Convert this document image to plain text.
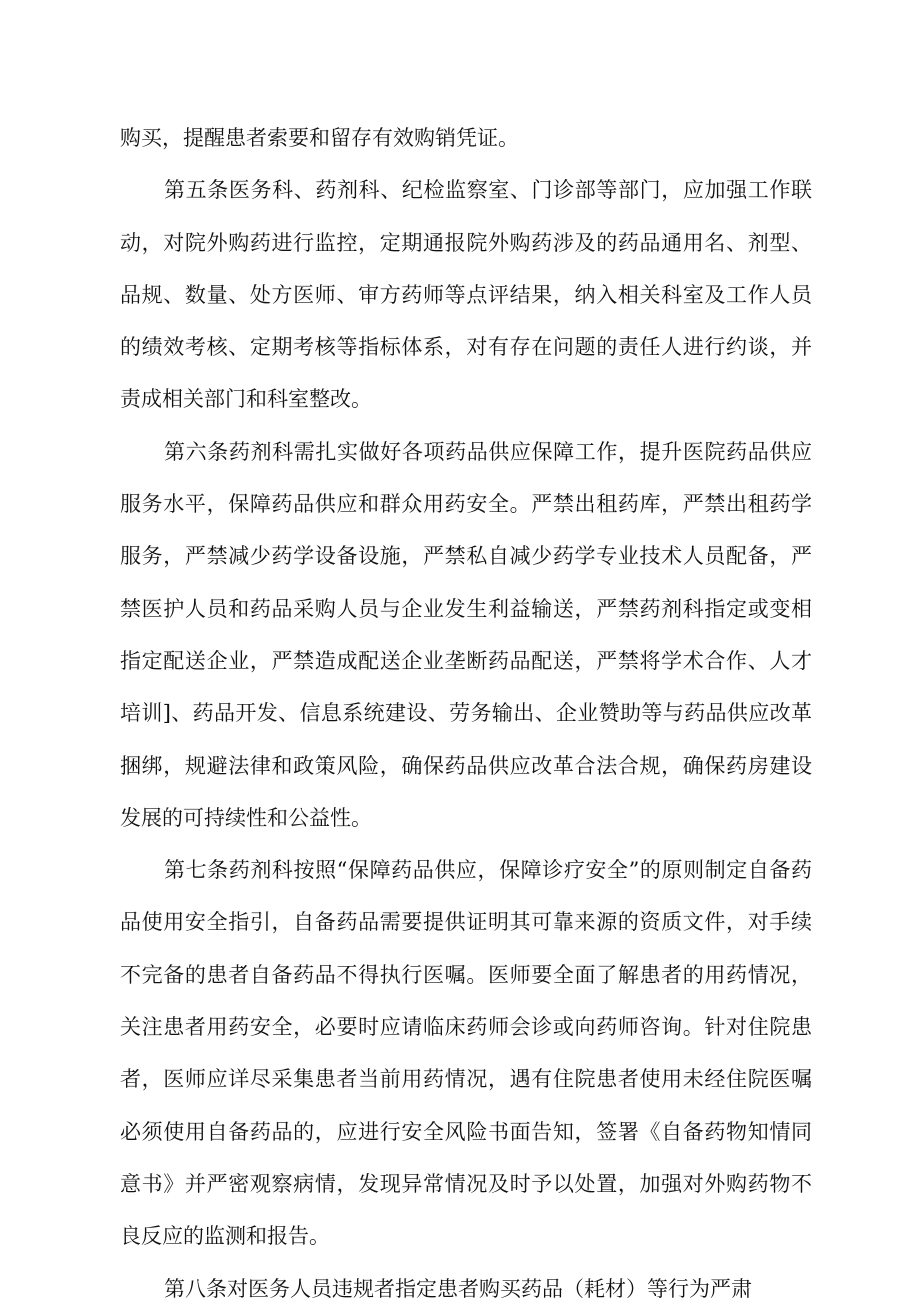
购买，提醒患者索要和留存有效购销凭证。

第五条医务科、药剂科、纪检监察室、门诊部等部门，应加强工作联动，对院外购药进行监控，定期通报院外购药涉及的药品通用名、剂型、品规、数量、处方医师、审方药师等点评结果，纳入相关科室及工作人员的绩效考核、定期考核等指标体系，对有存在问题的责任人进行约谈，并责成相关部门和科室整改。

第六条药剂科需扎实做好各项药品供应保障工作，提升医院药品供应服务水平，保障药品供应和群众用药安全。严禁出租药库，严禁出租药学服务，严禁减少药学设备设施，严禁私自减少药学专业技术人员配备，严禁医护人员和药品采购人员与企业发生利益输送，严禁药剂科指定或变相指定配送企业，严禁造成配送企业垄断药品配送，严禁将学术合作、人才培训]、药品开发、信息系统建设、劳务输出、企业赞助等与药品供应改革捆绑，规避法律和政策风险，确保药品供应改革合法合规，确保药房建设发展的可持续性和公益性。

第七条药剂科按照“保障药品供应，保障诊疗安全”的原则制定自备药品使用安全指引，自备药品需要提供证明其可靠来源的资质文件，对手续不完备的患者自备药品不得执行医嘱。医师要全面了解患者的用药情况，关注患者用药安全，必要时应请临床药师会诊或向药师咨询。针对住院患者，医师应详尽采集患者当前用药情况，遇有住院患者使用未经住院医嘱必须使用自备药品的，应进行安全风险书面告知，签署《自备药物知情同意书》并严密观察病情，发现异常情况及时予以处置，加强对外购药物不良反应的监测和报告。

第八条对医务人员违规者指定患者购买药品（耗材）等行为严肃
